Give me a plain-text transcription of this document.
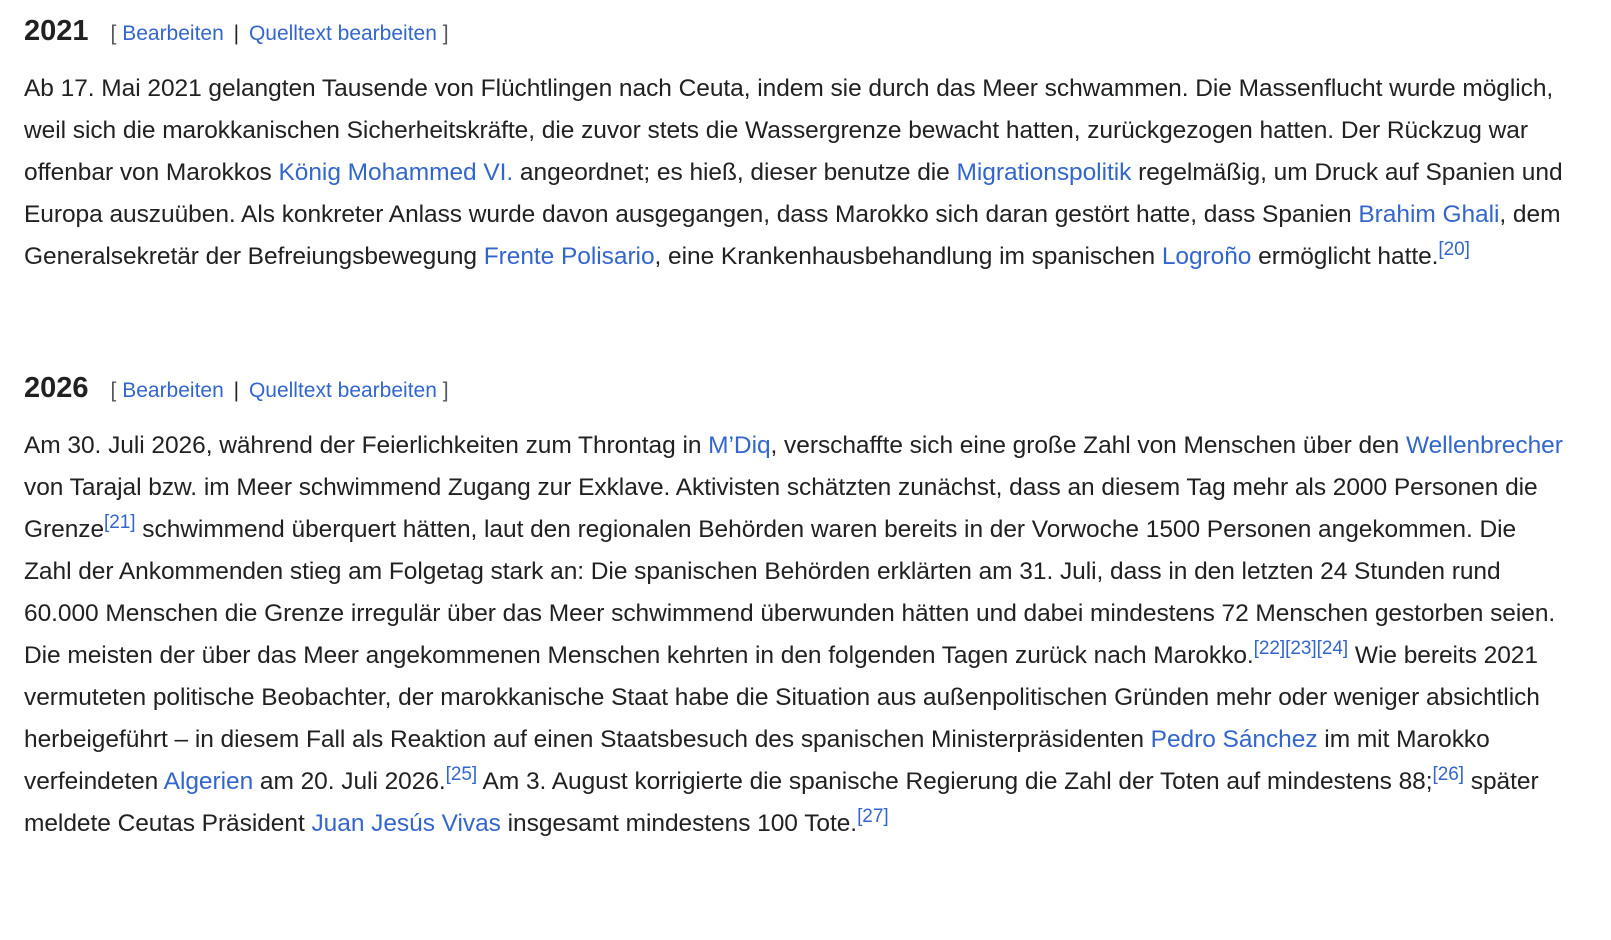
2021 [ Bearbeiten | Quelltext bearbeiten ]

Ab 17. Mai 2021 gelangten Tausende von Flüchtlingen nach Ceuta, indem sie durch das Meer schwammen. Die Massenflucht wurde möglich, weil sich die marokkanischen Sicherheitskräfte, die zuvor stets die Wassergrenze bewacht hatten, zurückgezogen hatten. Der Rückzug war offenbar von Marokkos König Mohammed VI. angeordnet; es hieß, dieser benutze die Migrationspolitik regelmäßig, um Druck auf Spanien und Europa auszuüben. Als konkreter Anlass wurde davon ausgegangen, dass Marokko sich daran gestört hatte, dass Spanien Brahim Ghali, dem Generalsekretär der Befreiungsbewegung Frente Polisario, eine Krankenhausbehandlung im spanischen Logroño ermöglicht hatte.[20]

2026 [ Bearbeiten | Quelltext bearbeiten ]

Am 30. Juli 2026, während der Feierlichkeiten zum Throntag in M’Diq, verschaffte sich eine große Zahl von Menschen über den Wellenbrecher von Tarajal bzw. im Meer schwimmend Zugang zur Exklave. Aktivisten schätzten zunächst, dass an diesem Tag mehr als 2000 Personen die Grenze[21] schwimmend überquert hätten, laut den regionalen Behörden waren bereits in der Vorwoche 1500 Personen angekommen. Die Zahl der Ankommenden stieg am Folgetag stark an: Die spanischen Behörden erklärten am 31. Juli, dass in den letzten 24 Stunden rund 60.000 Menschen die Grenze irregulär über das Meer schwimmend überwunden hätten und dabei mindestens 72 Menschen gestorben seien. Die meisten der über das Meer angekommenen Menschen kehrten in den folgenden Tagen zurück nach Marokko.[22][23][24] Wie bereits 2021 vermuteten politische Beobachter, der marokkanische Staat habe die Situation aus außenpolitischen Gründen mehr oder weniger absichtlich herbeigeführt – in diesem Fall als Reaktion auf einen Staatsbesuch des spanischen Ministerpräsidenten Pedro Sánchez im mit Marokko verfeindeten Algerien am 20. Juli 2026.[25] Am 3. August korrigierte die spanische Regierung die Zahl der Toten auf mindestens 88;[26] später meldete Ceutas Präsident Juan Jesús Vivas insgesamt mindestens 100 Tote.[27]
